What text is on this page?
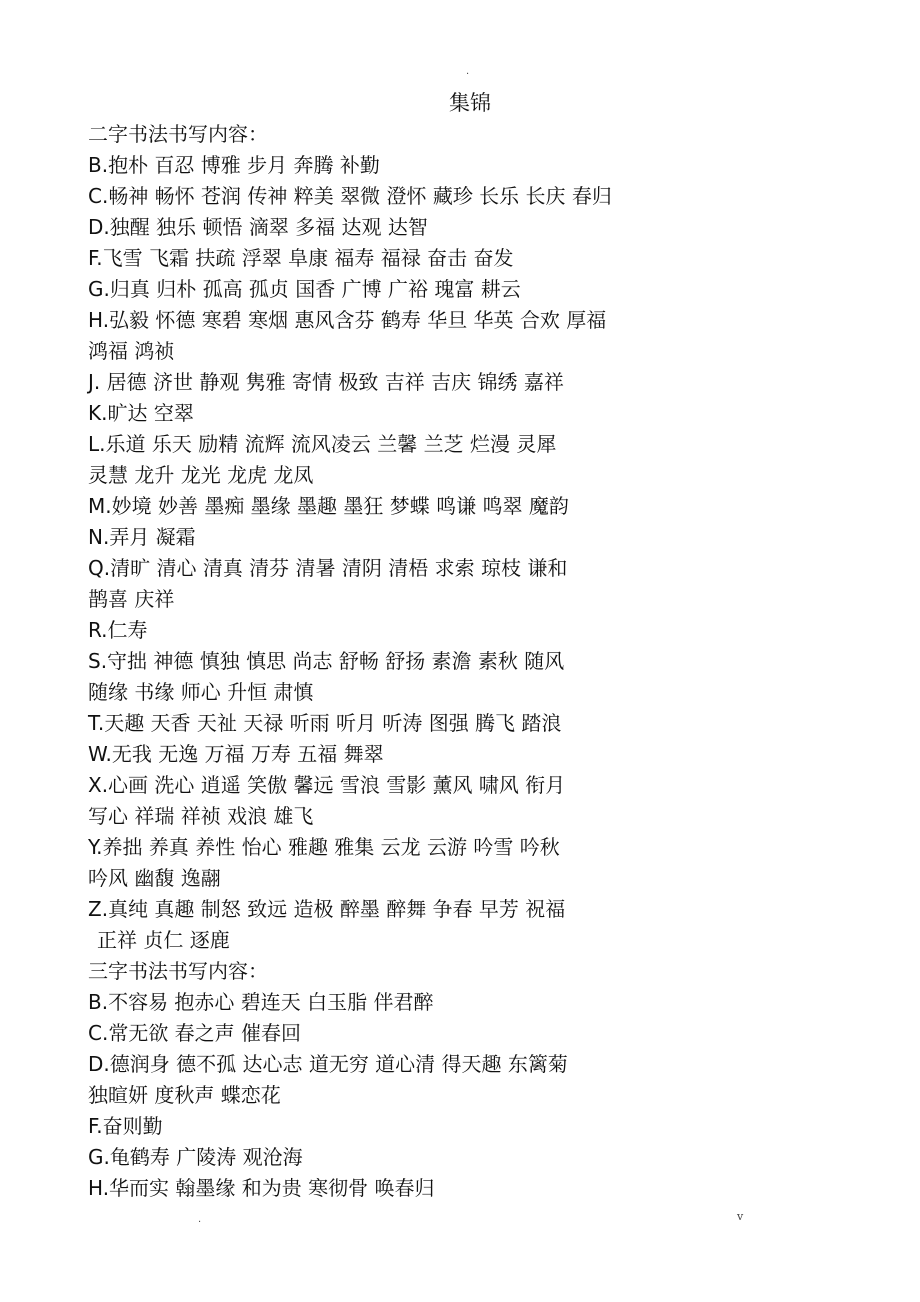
.
集锦
二字书法书写内容：
B.抱朴 百忍 博雅 步月 奔腾 补勤
C.畅神 畅怀 苍润 传神 粹美 翠微 澄怀 藏珍 长乐 长庆 春归
D.独醒 独乐 顿悟 滴翠 多福 达观 达智
F.飞雪 飞霜 扶疏 浮翠 阜康 福寿 福禄 奋击 奋发
G.归真 归朴 孤高 孤贞 国香 广博 广裕 瑰富 耕云
H.弘毅 怀德 寒碧 寒烟 惠风含芬 鹤寿 华旦 华英 合欢 厚福
鸿福 鸿祯
J. 居德 济世 静观 隽雅 寄情 极致 吉祥 吉庆 锦绣 嘉祥
K.旷达 空翠
L.乐道 乐天 励精 流辉 流风凌云 兰馨 兰芝 烂漫 灵犀
灵慧 龙升 龙光 龙虎 龙凤
M.妙境 妙善 墨痴 墨缘 墨趣 墨狂 梦蝶 鸣谦 鸣翠 魔韵
N.弄月 凝霜
Q.清旷 清心 清真 清芬 清暑 清阴 清梧 求索 琼枝 谦和
鹊喜 庆祥
R.仁寿
S.守拙 神德 慎独 慎思 尚志 舒畅 舒扬 素澹 素秋 随风
随缘 书缘 师心 升恒 肃慎
T.天趣 天香 天祉 天禄 听雨 听月 听涛 图强 腾飞 踏浪
W.无我 无逸 万福 万寿 五福 舞翠
X.心画 洗心 逍遥 笑傲 馨远 雪浪 雪影 薰风 啸风 衔月
写心 祥瑞 祥祯 戏浪 雄飞
Y.养拙 养真 养性 怡心 雅趣 雅集 云龙 云游 吟雪 吟秋
吟风 幽馥 逸翮
Z.真纯 真趣 制怒 致远 造极 醉墨 醉舞 争春 早芳 祝福
正祥 贞仁 逐鹿
三字书法书写内容：
B.不容易 抱赤心 碧连天 白玉脂 伴君醉
C.常无欲 春之声 催春回
D.德润身 德不孤 达心志 道无穷 道心清 得天趣 东篱菊
独暄妍 度秋声 蝶恋花
F.奋则勤
G.龟鹤寿 广陵涛 观沧海
H.华而实 翰墨缘 和为贵 寒彻骨 唤春归
.	v
